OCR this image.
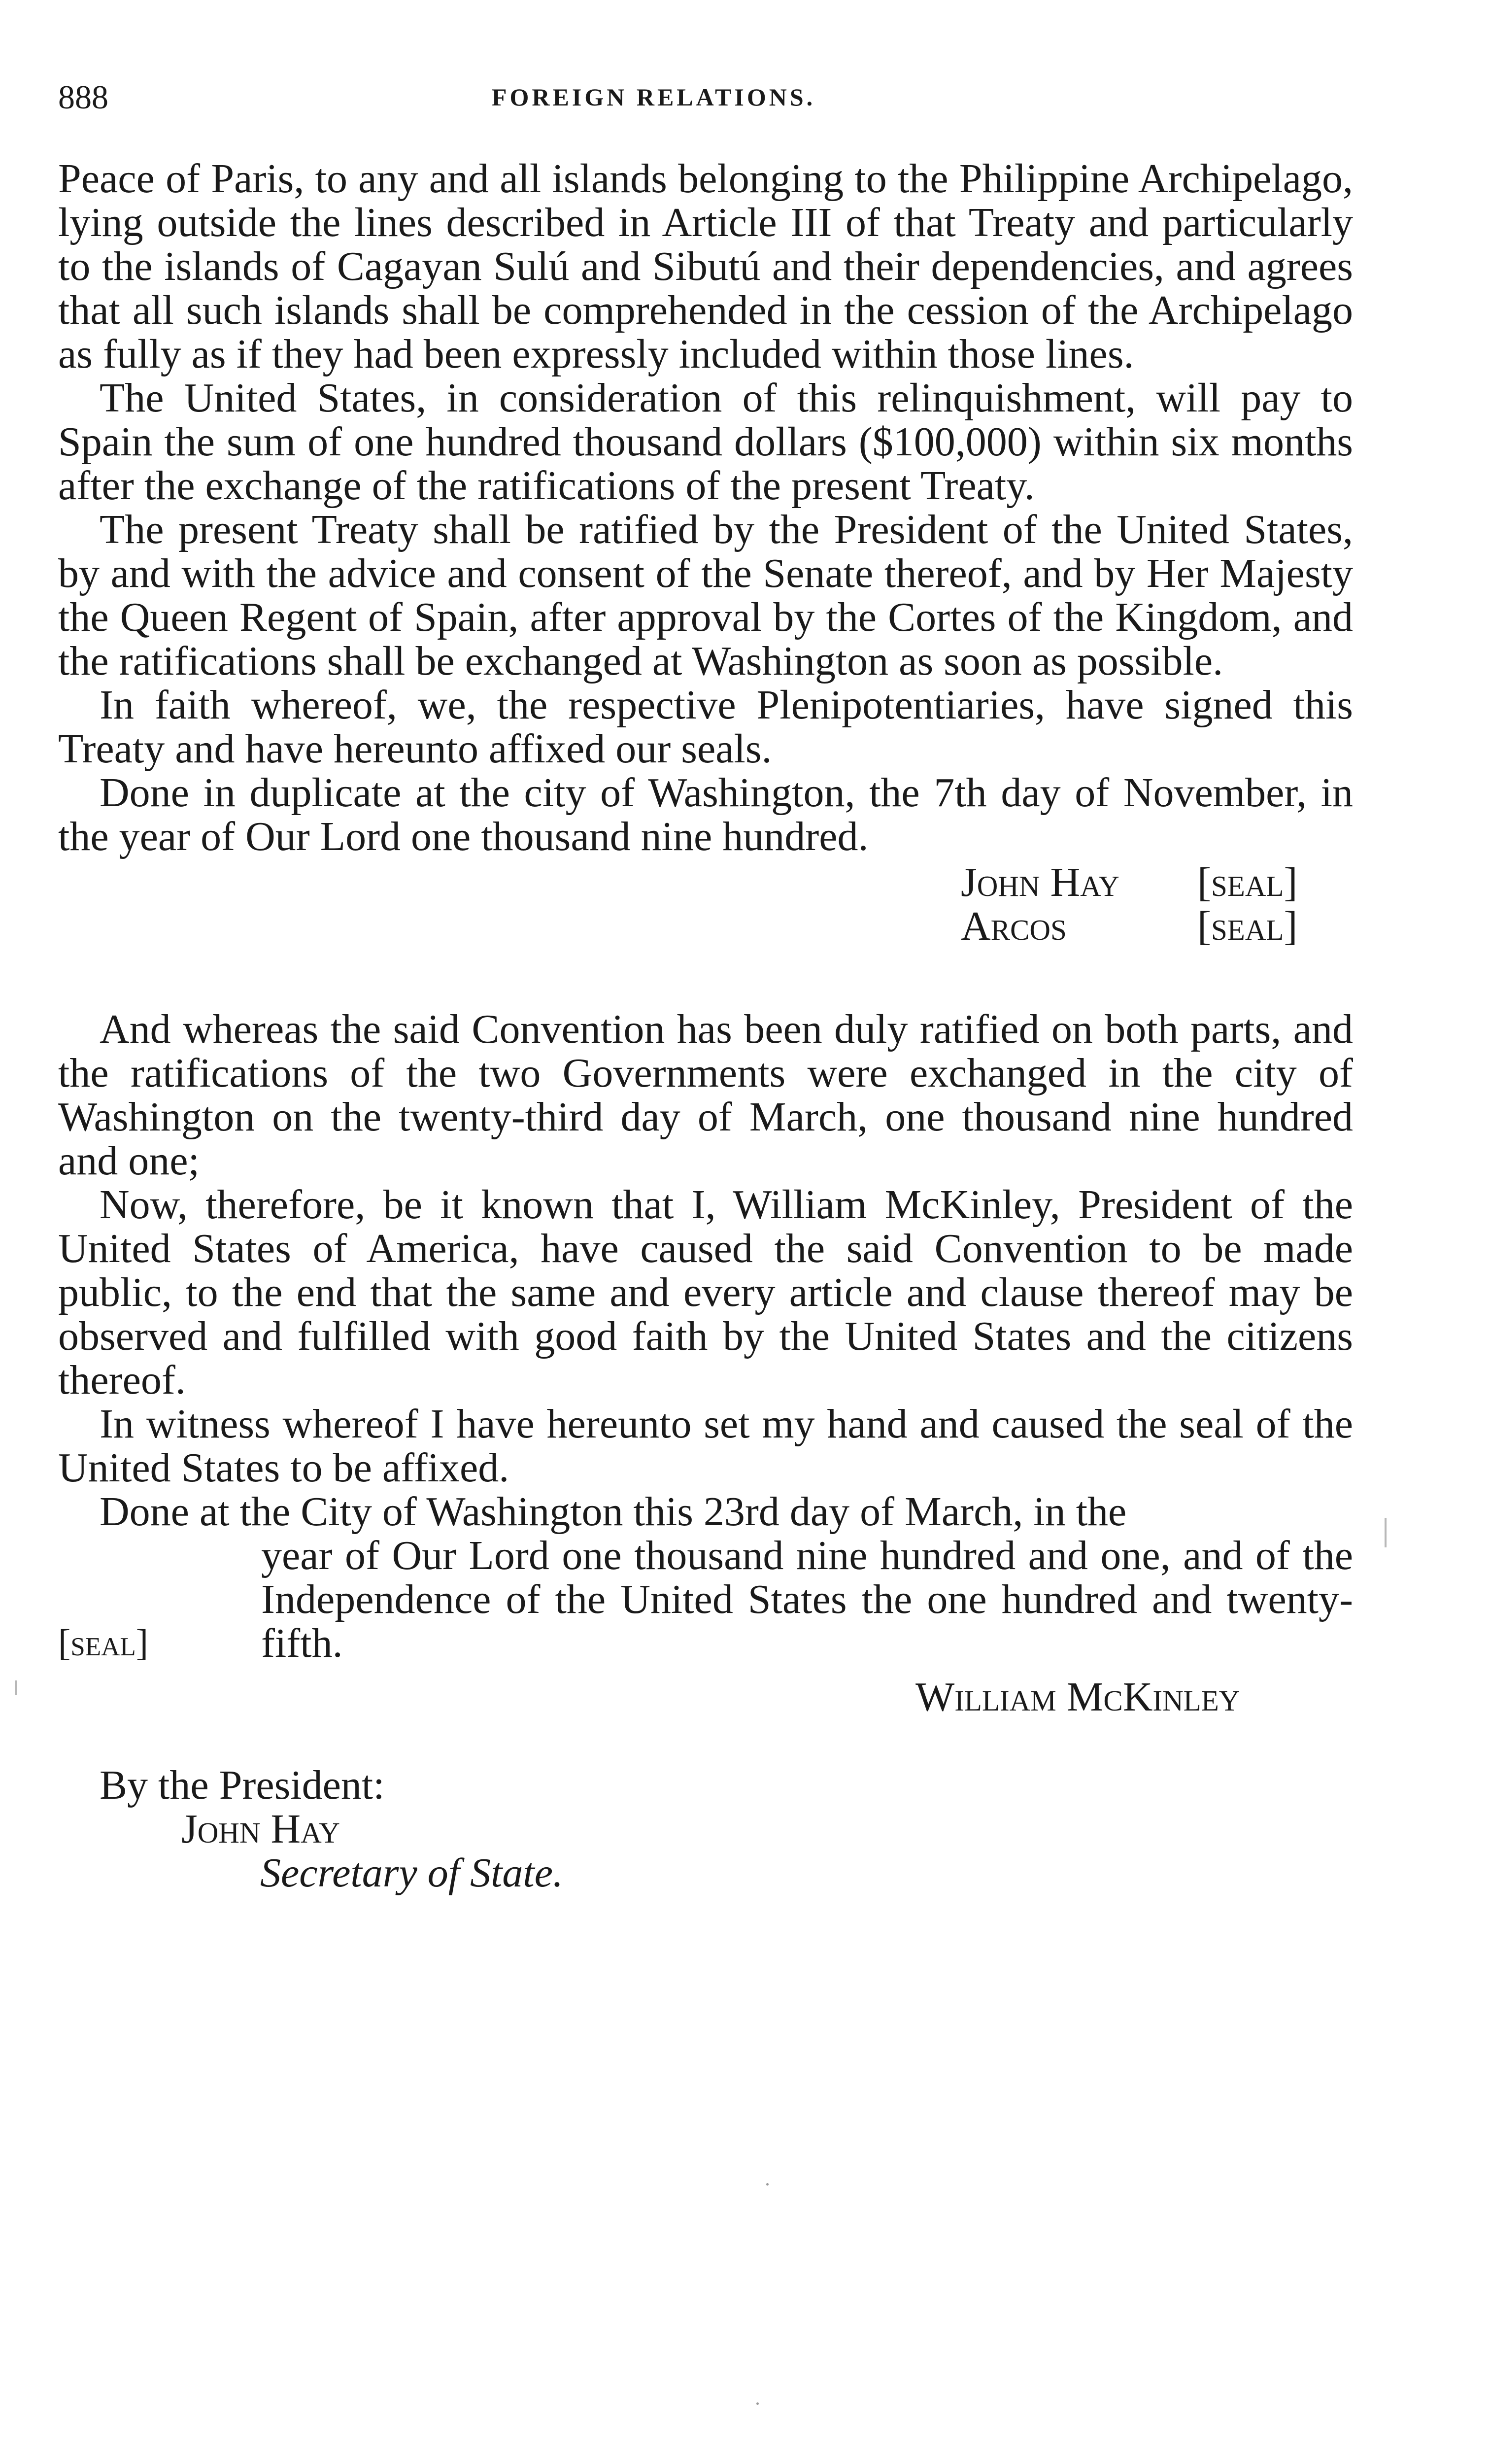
888	FOREIGN RELATIONS.

Peace of Paris, to any and all islands belonging to the Philippine Archipelago, lying outside the lines described in Article III of that Treaty and particularly to the islands of Cagayan Sulú and Sibutú and their dependencies, and agrees that all such islands shall be comprehended in the cession of the Archipelago as fully as if they had been expressly included within those lines.

The United States, in consideration of this relinquishment, will pay to Spain the sum of one hundred thousand dollars ($100,000) within six months after the exchange of the ratifications of the present Treaty.

The present Treaty shall be ratified by the President of the United States, by and with the advice and consent of the Senate thereof, and by Her Majesty the Queen Regent of Spain, after approval by the Cortes of the Kingdom, and the ratifications shall be exchanged at Washington as soon as possible.

In faith whereof, we, the respective Plenipotentiaries, have signed this Treaty and have hereunto affixed our seals.

Done in duplicate at the city of Washington, the 7th day of November, in the year of Our Lord one thousand nine hundred.

John Hay	[seal]
Arcos	[seal]

And whereas the said Convention has been duly ratified on both parts, and the ratifications of the two Governments were exchanged in the city of Washington on the twenty-third day of March, one thousand nine hundred and one;

Now, therefore, be it known that I, William McKinley, President of the United States of America, have caused the said Convention to be made public, to the end that the same and every article and clause thereof may be observed and fulfilled with good faith by the United States and the citizens thereof.

In witness whereof I have hereunto set my hand and caused the seal of the United States to be affixed.

Done at the City of Washington this 23rd day of March, in the
[seal]

year of Our Lord one thousand nine hundred and one, and of the Independence of the United States the one hundred and twenty-fifth.

William McKinley
By the President:
John Hay
Secretary of State.
